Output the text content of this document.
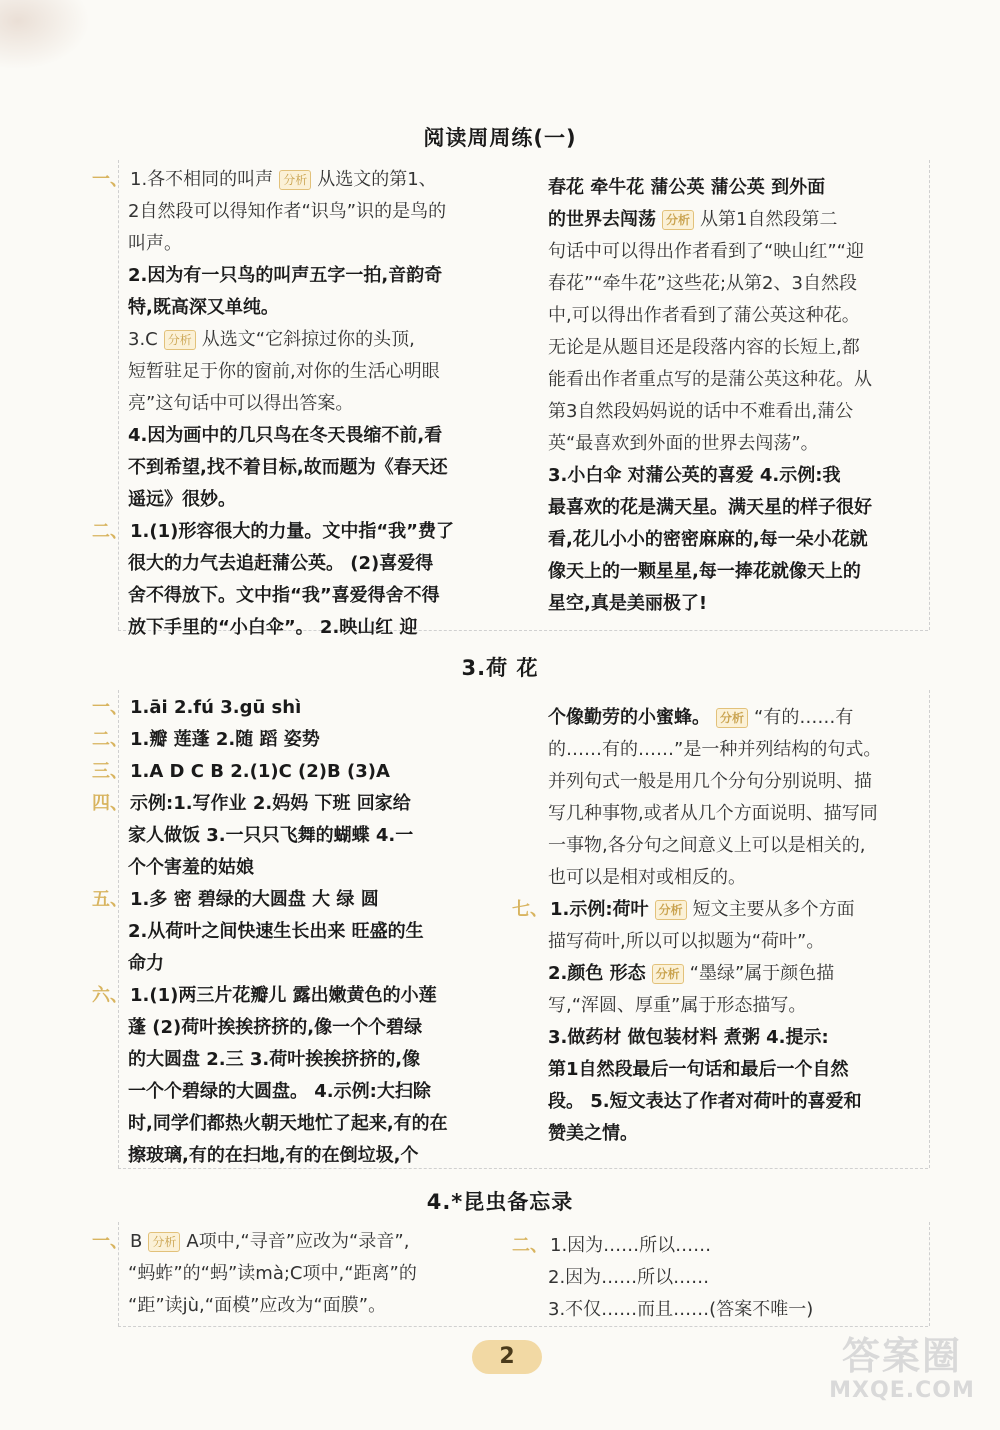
阅读周周练(一)
一、 1.各不相同的叫声 分析 从选文的第1、
2自然段可以得知作者“识鸟”识的是鸟的
叫声。
2.因为有一只鸟的叫声五字一拍,音韵奇
特,既高深又单纯。
3.C 分析 从选文“它斜掠过你的头顶,
短暂驻足于你的窗前,对你的生活心明眼
亮”这句话中可以得出答案。
4.因为画中的几只鸟在冬天畏缩不前,看
不到希望,找不着目标,故而题为《春天还
遥远》很妙。
二、 1.(1)形容很大的力量。文中指“我”费了
很大的力气去追赶蒲公英。 (2)喜爱得
舍不得放下。文中指“我”喜爱得舍不得
放下手里的“小白伞”。 2.映山红 迎
春花 牵牛花 蒲公英 蒲公英 到外面
的世界去闯荡 分析 从第1自然段第二
句话中可以得出作者看到了“映山红”“迎
春花”“牵牛花”这些花;从第2、3自然段
中,可以得出作者看到了蒲公英这种花。
无论是从题目还是段落内容的长短上,都
能看出作者重点写的是蒲公英这种花。从
第3自然段妈妈说的话中不难看出,蒲公
英“最喜欢到外面的世界去闯荡”。
3.小白伞 对蒲公英的喜爱 4.示例:我
最喜欢的花是满天星。满天星的样子很好
看,花儿小小的密密麻麻的,每一朵小花就
像天上的一颗星星,每一捧花就像天上的
星空,真是美丽极了!
3.荷 花
一、 1.āi 2.fú 3.gū shì
二、 1.瓣 莲蓬 2.随 蹈 姿势
三、 1.A D C B 2.(1)C (2)B (3)A
四、 示例:1.写作业 2.妈妈 下班 回家给
家人做饭 3.一只只飞舞的蝴蝶 4.一
个个害羞的姑娘
五、 1.多 密 碧绿的大圆盘 大 绿 圆
2.从荷叶之间快速生长出来 旺盛的生
命力
六、 1.(1)两三片花瓣儿 露出嫩黄色的小莲
蓬 (2)荷叶挨挨挤挤的,像一个个碧绿
的大圆盘 2.三 3.荷叶挨挨挤挤的,像
一个个碧绿的大圆盘。 4.示例:大扫除
时,同学们都热火朝天地忙了起来,有的在
擦玻璃,有的在扫地,有的在倒垃圾,个
个像勤劳的小蜜蜂。 分析 “有的……有
的……有的……”是一种并列结构的句式。
并列句式一般是用几个分句分别说明、描
写几种事物,或者从几个方面说明、描写同
一事物,各分句之间意义上可以是相关的,
也可以是相对或相反的。
七、 1.示例:荷叶 分析 短文主要从多个方面
描写荷叶,所以可以拟题为“荷叶”。
2.颜色 形态 分析 “墨绿”属于颜色描
写,“浑圆、厚重”属于形态描写。
3.做药材 做包装材料 煮粥 4.提示:
第1自然段最后一句话和最后一个自然
段。 5.短文表达了作者对荷叶的喜爱和
赞美之情。
4.*昆虫备忘录
一、 B 分析 A项中,“寻音”应改为“录音”,
“蚂蚱”的“蚂”读mà;C项中,“距离”的
“距”读jù,“面模”应改为“面膜”。
二、 1.因为……所以……
2.因为……所以……
3.不仅……而且……(答案不唯一)
2	答案圈
MXQE.COM
